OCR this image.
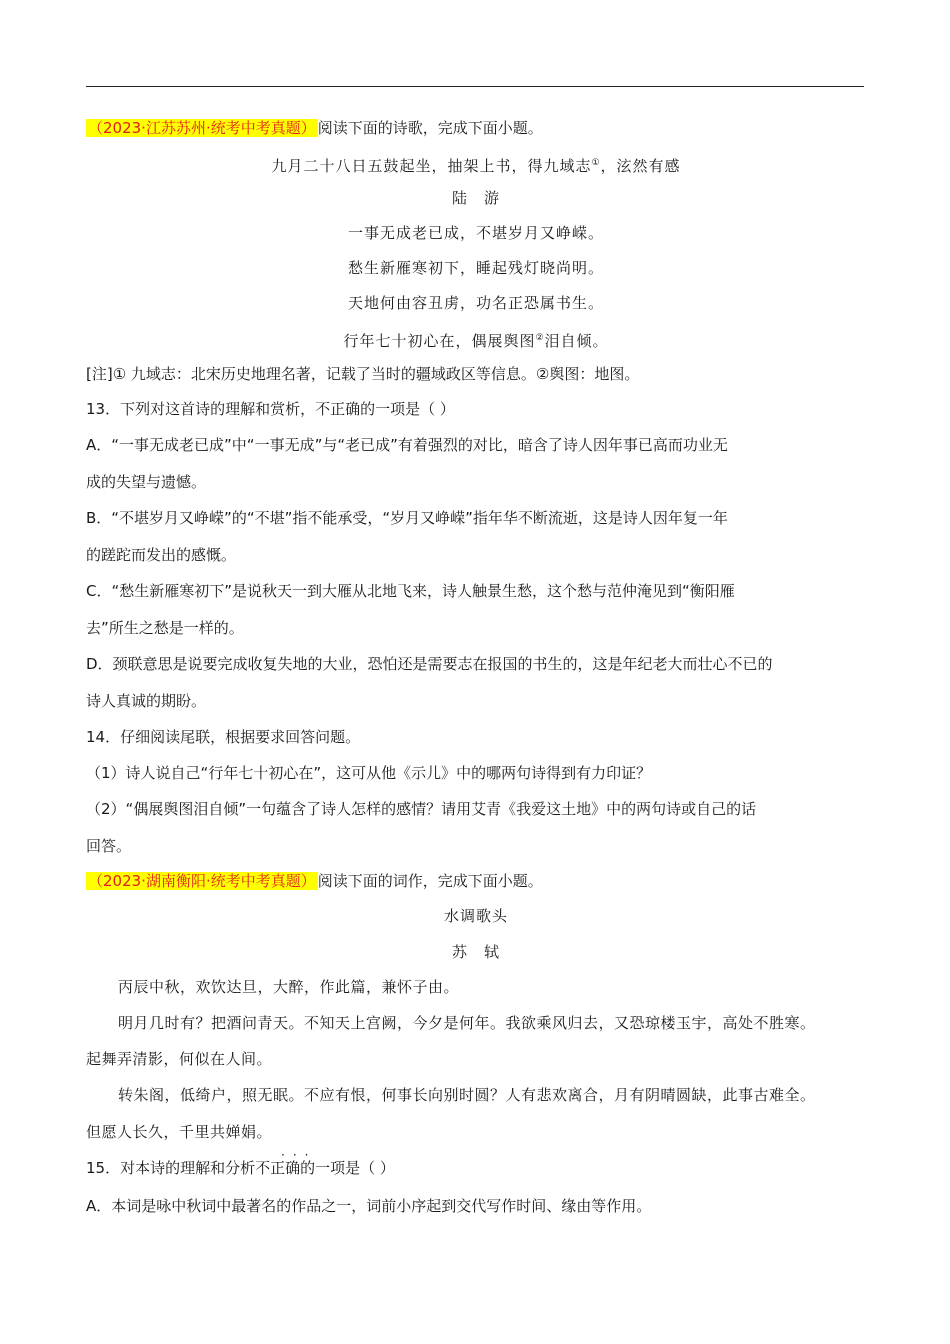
（2023·江苏苏州·统考中考真题） 阅读下面的诗歌，完成下面小题。
九月二十八日五鼓起坐，抽架上书，得九域志①，泫然有感
陆　游
一事无成老已成，不堪岁月又峥嵘。
愁生新雁寒初下，睡起残灯晓尚明。
天地何由容丑虏，功名正恐属书生。
行年七十初心在，偶展舆图②泪自倾。
[注]① 九域志：北宋历史地理名著，记载了当时的疆域政区等信息。②舆图：地图。
13．下列对这首诗的理解和赏析，不正确的一项是（ ）
A．“一事无成老已成”中“一事无成”与“老已成”有着强烈的对比，暗含了诗人因年事已高而功业无
成的失望与遗憾。
B．“不堪岁月又峥嵘”的“不堪”指不能承受，“岁月又峥嵘”指年华不断流逝，这是诗人因年复一年
的蹉跎而发出的感慨。
C．“愁生新雁寒初下”是说秋天一到大雁从北地飞来，诗人触景生愁，这个愁与范仲淹见到“衡阳雁
去”所生之愁是一样的。
D．颈联意思是说要完成收复失地的大业，恐怕还是需要志在报国的书生的，这是年纪老大而壮心不已的
诗人真诚的期盼。
14．仔细阅读尾联，根据要求回答问题。
（1）诗人说自己“行年七十初心在”，这可从他《示儿》中的哪两句诗得到有力印证？
（2）“偶展舆图泪自倾”一句蕴含了诗人怎样的感情？请用艾青《我爱这土地》中的两句诗或自己的话
回答。
（2023·湖南衡阳·统考中考真题） 阅读下面的词作，完成下面小题。
水调歌头
苏　轼
丙辰中秋，欢饮达旦，大醉，作此篇，兼怀子由。
明月几时有？把酒问青天。不知天上宫阙，今夕是何年。我欲乘风归去，又恐琼楼玉宇，高处不胜寒。
起舞弄清影，何似在人间。
转朱阁，低绮户，照无眠。不应有恨，何事长向别时圆？人有悲欢离合，月有阴晴圆缺，此事古难全。
但愿人长久，千里共婵娟。
···
15．对本诗的理解和分析不正确的一项是（ ）
A．本词是咏中秋词中最著名的作品之一，词前小序起到交代写作时间、缘由等作用。
